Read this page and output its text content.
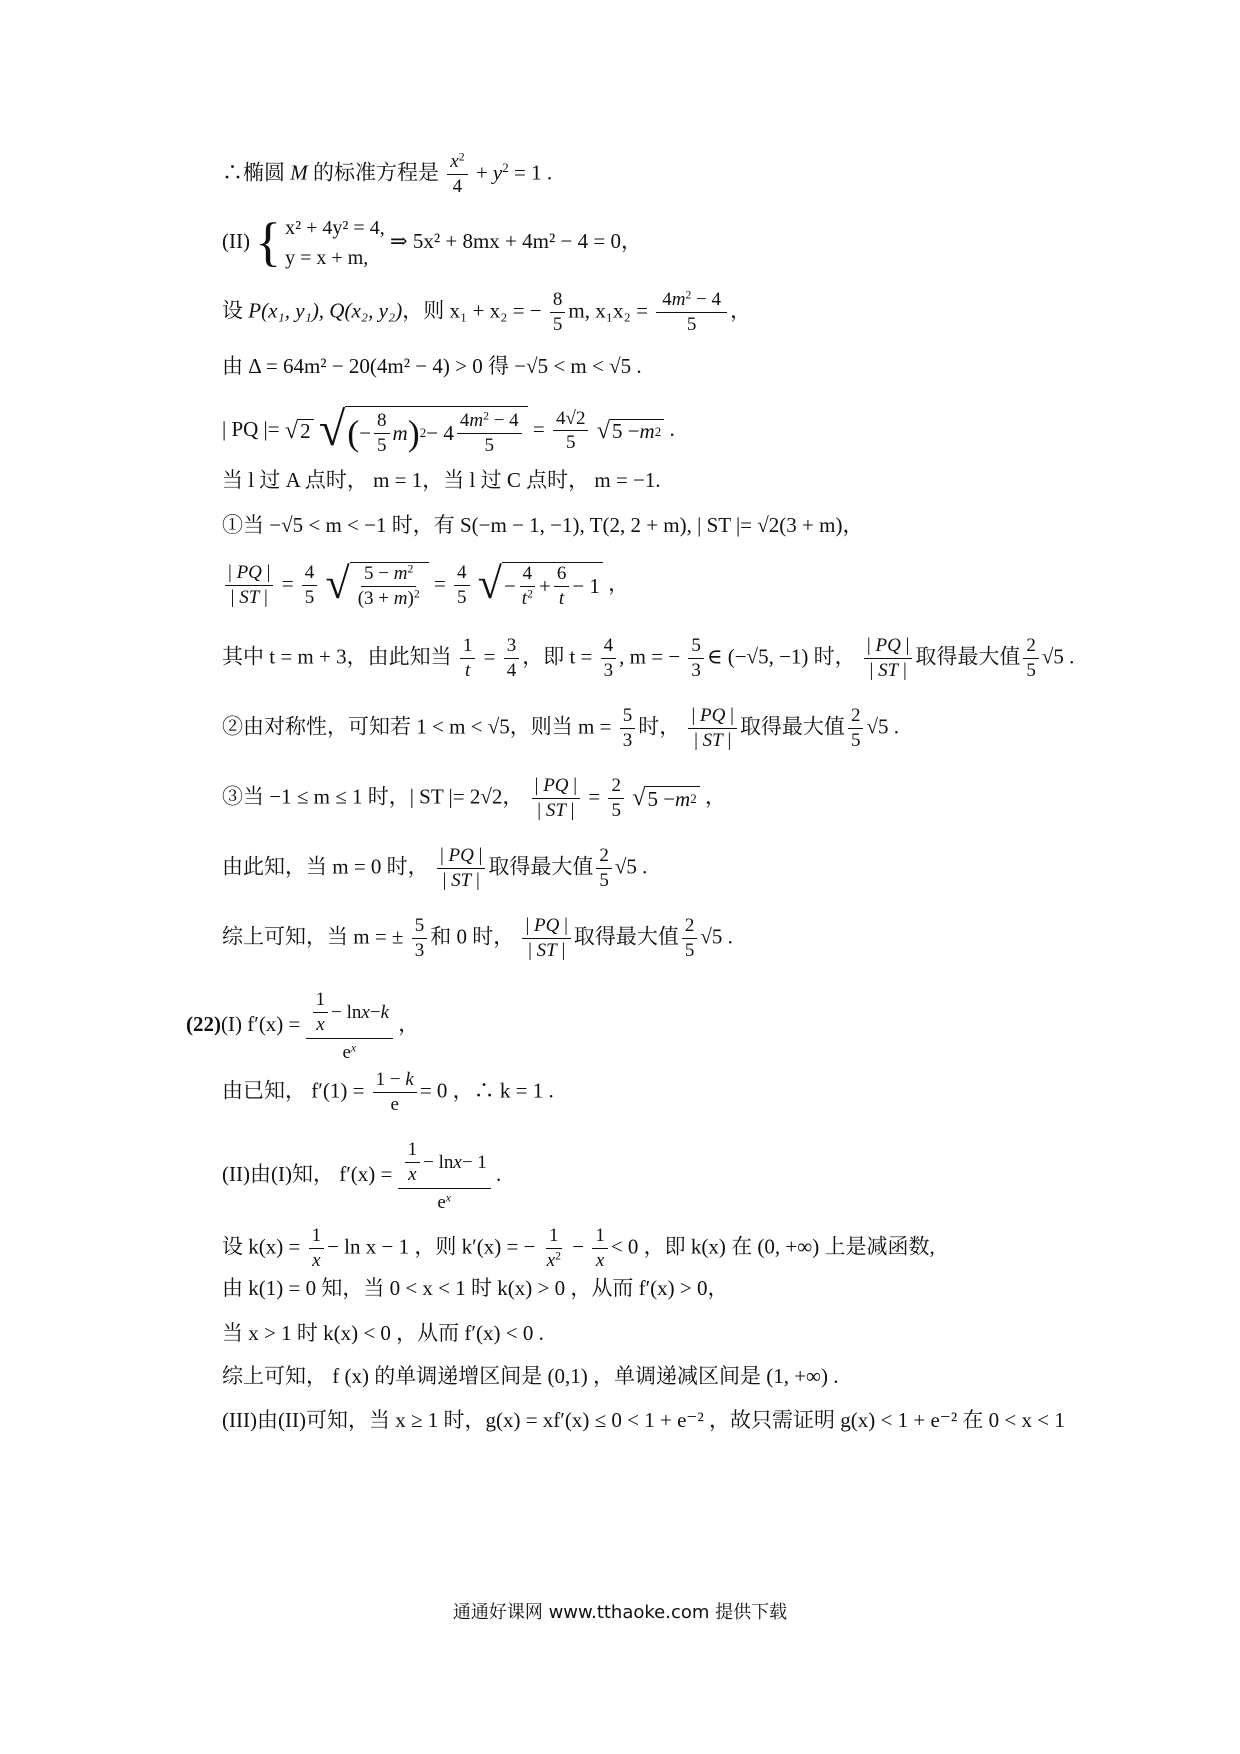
∴椭圆 M 的标准方程是 $\frac{x^2}{4} + y^2 = 1$ .
(II) { x² + 4y² = 4,
y = x + m,
⇒ 5x² + 8mx + 4m² − 4 = 0，
设 P(x₁, y₁), Q(x₂, y₂)，则 x₁ + x₂ = − $\frac{8}{5} m$, $x_1x_2 = \frac{4m^2 - 4}{5}$ ，
由 Δ = 64m² − 20(4m² − 4) > 0 得 −√5 < m < √5 .
| PQ |= √ 2
√ ( − $\frac{8}{5}$ m ) $2 - 4 \frac{4m^2 - 4}{5} = \frac{4√2}{5}$
√ 5 − m 2 .
当 l 过 A 点时， m = 1，当 l 过 C 点时， m = −1.
①当 −√5 < m < −1 时，有 S(−m − 1, −1), T(2, 2 + m), | ST |= √2(3 + m)，
$\frac{| PQ |}{| ST |} = \frac{4}{5}$
√ $\frac{5 - m^2}{(3 + m)^2} = \frac{4}{5}$
√ − $\frac{4}{t^2} + \frac{6}{t} - 1$ ，
其中 t = m + 3，由此知当 $\frac{1}{t} = \frac{3}{4}$ ，即 $t = \frac{4}{3}$ , m = − $\frac{5}{3}$ ∈ (−√5, −1) 时， $\frac{| PQ |}{| ST |}$ 取得最大值 $\frac{2}{5} √5$ .
②由对称性，可知若 1 < m < √5，则当 $m = \frac{5}{3}$ 时， $\frac{| PQ |}{| ST |}$ 取得最大值 $\frac{2}{5} √5$ .
③当 −1 ≤ m ≤ 1 时，| ST |= 2√2， $\frac{| PQ |}{| ST |} = \frac{2}{5}$
√ 5 − m 2 ，
由此知，当 m = 0 时， $\frac{| PQ |}{| ST |}$ 取得最大值 $\frac{2}{5} √5$ .
综上可知，当 m = ± $\frac{5}{3}$ 和 0 时， $\frac{| PQ |}{| ST |}$ 取得最大值 $\frac{2}{5} √5$ .
(22)(I) $f'(x) = \frac{\frac{1}{x} - \ln x - k}{e^x}$ ，
由已知， $f'(1) = \frac{1 - k}{e} = 0$ ，∴ k = 1 .
(II)由(I)知， $f'(x) = \frac{\frac{1}{x} - \ln x - 1}{e^x}$ .
设 $k(x) = \frac{1}{x} - \ln x - 1$ ，则 k′(x) = − $\frac{1}{x^2} - \frac{1}{x} < 0$ ，即 k(x) 在 (0, +∞) 上是减函数,
由 k(1) = 0 知，当 0 < x < 1 时 k(x) > 0 ，从而 f′(x) > 0，
当 x > 1 时 k(x) < 0 ，从而 f′(x) < 0 .
综上可知， f (x) 的单调递增区间是 (0,1) ，单调递减区间是 (1, +∞) .
(III)由(II)可知，当 x ≥ 1 时，g(x) = xf′(x) ≤ 0 < 1 + e⁻² ，故只需证明 g(x) < 1 + e⁻² 在 0 < x < 1
通通好课网 www.tthaoke.com 提供下载
